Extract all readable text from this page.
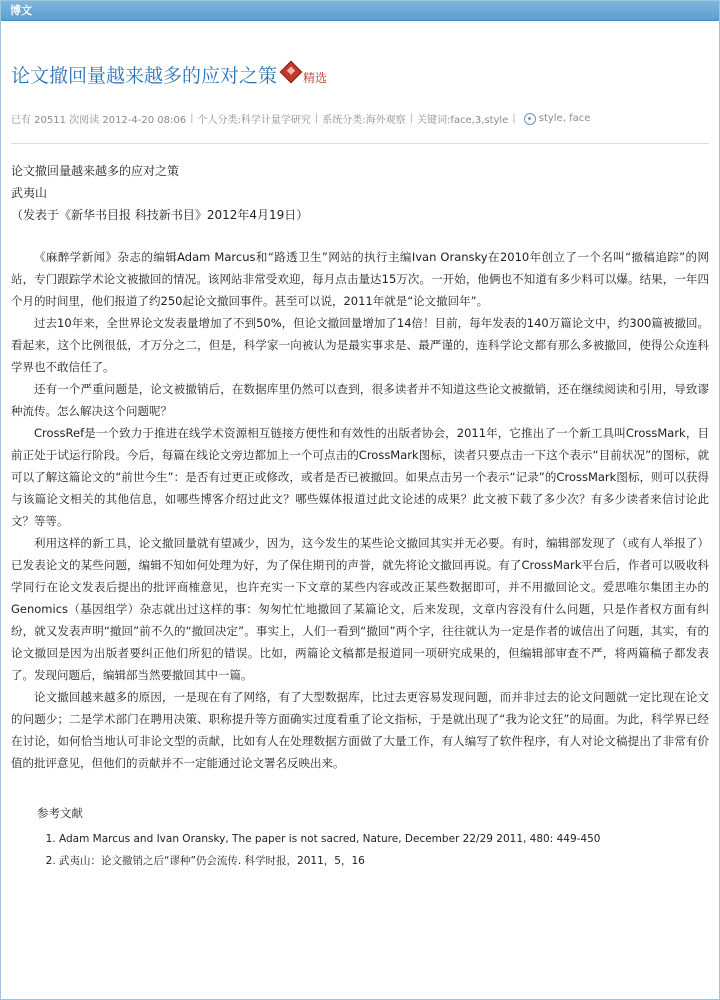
博文
论文撤回量越来越多的应对之策 精选
已有 20511 次阅读 2012-4-20 08:06 | 个人分类:科学计量学研究 | 系统分类:海外观察 | 关键词:face,3,style | style, face
论文撤回量越来越多的应对之策
武夷山
（发表于《新华书目报 科技新书目》2012年4月19日）

《麻醉学新闻》杂志的编辑Adam Marcus和“路透卫生”网站的执行主编Ivan Oransky在2010年创立了一个名叫“撤稿追踪”的网站，专门跟踪学术论文被撤回的情况。该网站非常受欢迎，每月点击量达15万次。一开始，他俩也不知道有多少料可以爆。结果，一年四个月的时间里，他们报道了约250起论文撤回事件。甚至可以说，2011年就是“论文撤回年”。

过去10年来，全世界论文发表量增加了不到50%，但论文撤回量增加了14倍！目前，每年发表的140万篇论文中，约300篇被撤回。看起来，这个比例很低，才万分之二，但是，科学家一向被认为是最实事求是、最严谨的，连科学论文都有那么多被撤回，使得公众连科学界也不敢信任了。

还有一个严重问题是，论文被撤销后，在数据库里仍然可以查到，很多读者并不知道这些论文被撤销，还在继续阅读和引用，导致谬种流传。怎么解决这个问题呢？

CrossRef是一个致力于推进在线学术资源相互链接方便性和有效性的出版者协会，2011年，它推出了一个新工具叫CrossMark，目前正处于试运行阶段。今后，每篇在线论文旁边都加上一个可点击的CrossMark图标，读者只要点击一下这个表示“目前状况”的图标，就可以了解这篇论文的“前世今生”：是否有过更正或修改，或者是否已被撤回。如果点击另一个表示“记录”的CrossMark图标，则可以获得与该篇论文相关的其他信息，如哪些博客介绍过此文？哪些媒体报道过此文论述的成果？此文被下载了多少次？有多少读者来信讨论此文？等等。

利用这样的新工具，论文撤回量就有望减少，因为，这今发生的某些论文撤回其实并无必要。有时，编辑部发现了（或有人举报了）已发表论文的某些问题，编辑不知如何处理为好，为了保住期刊的声誉，就先将论文撤回再说。有了CrossMark平台后，作者可以吸收科学同行在论文发表后提出的批评商榷意见，也许充实一下文章的某些内容或改正某些数据即可，并不用撤回论文。爱思唯尔集团主办的Genomics（基因组学）杂志就出过这样的事：匆匆忙忙地撤回了某篇论文，后来发现，文章内容没有什么问题，只是作者权方面有纠纷，就又发表声明“撤回”前不久的“撤回决定”。事实上，人们一看到“撤回”两个字，往往就认为一定是作者的诚信出了问题，其实，有的论文撤回是因为出版者要纠正他们所犯的错误。比如，两篇论文稿都是报道同一项研究成果的，但编辑部审查不严，将两篇稿子都发表了。发现问题后，编辑部当然要撤回其中一篇。

论文撤回越来越多的原因，一是现在有了网络，有了大型数据库，比过去更容易发现问题，而并非过去的论文问题就一定比现在论文的问题少；二是学术部门在聘用决策、职称提升等方面确实过度看重了论文指标，于是就出现了“我为论文狂”的局面。为此，科学界已经在讨论，如何恰当地认可非论文型的贡献，比如有人在处理数据方面做了大量工作，有人编写了软件程序，有人对论文稿提出了非常有价值的批评意见，但他们的贡献并不一定能通过论文署名反映出来。

参考文献
1. Adam Marcus and Ivan Oransky, The paper is not sacred, Nature, December 22/29 2011, 480: 449-450
2. 武夷山：论文撤销之后“谬种”仍会流传. 科学时报，2011，5，16
